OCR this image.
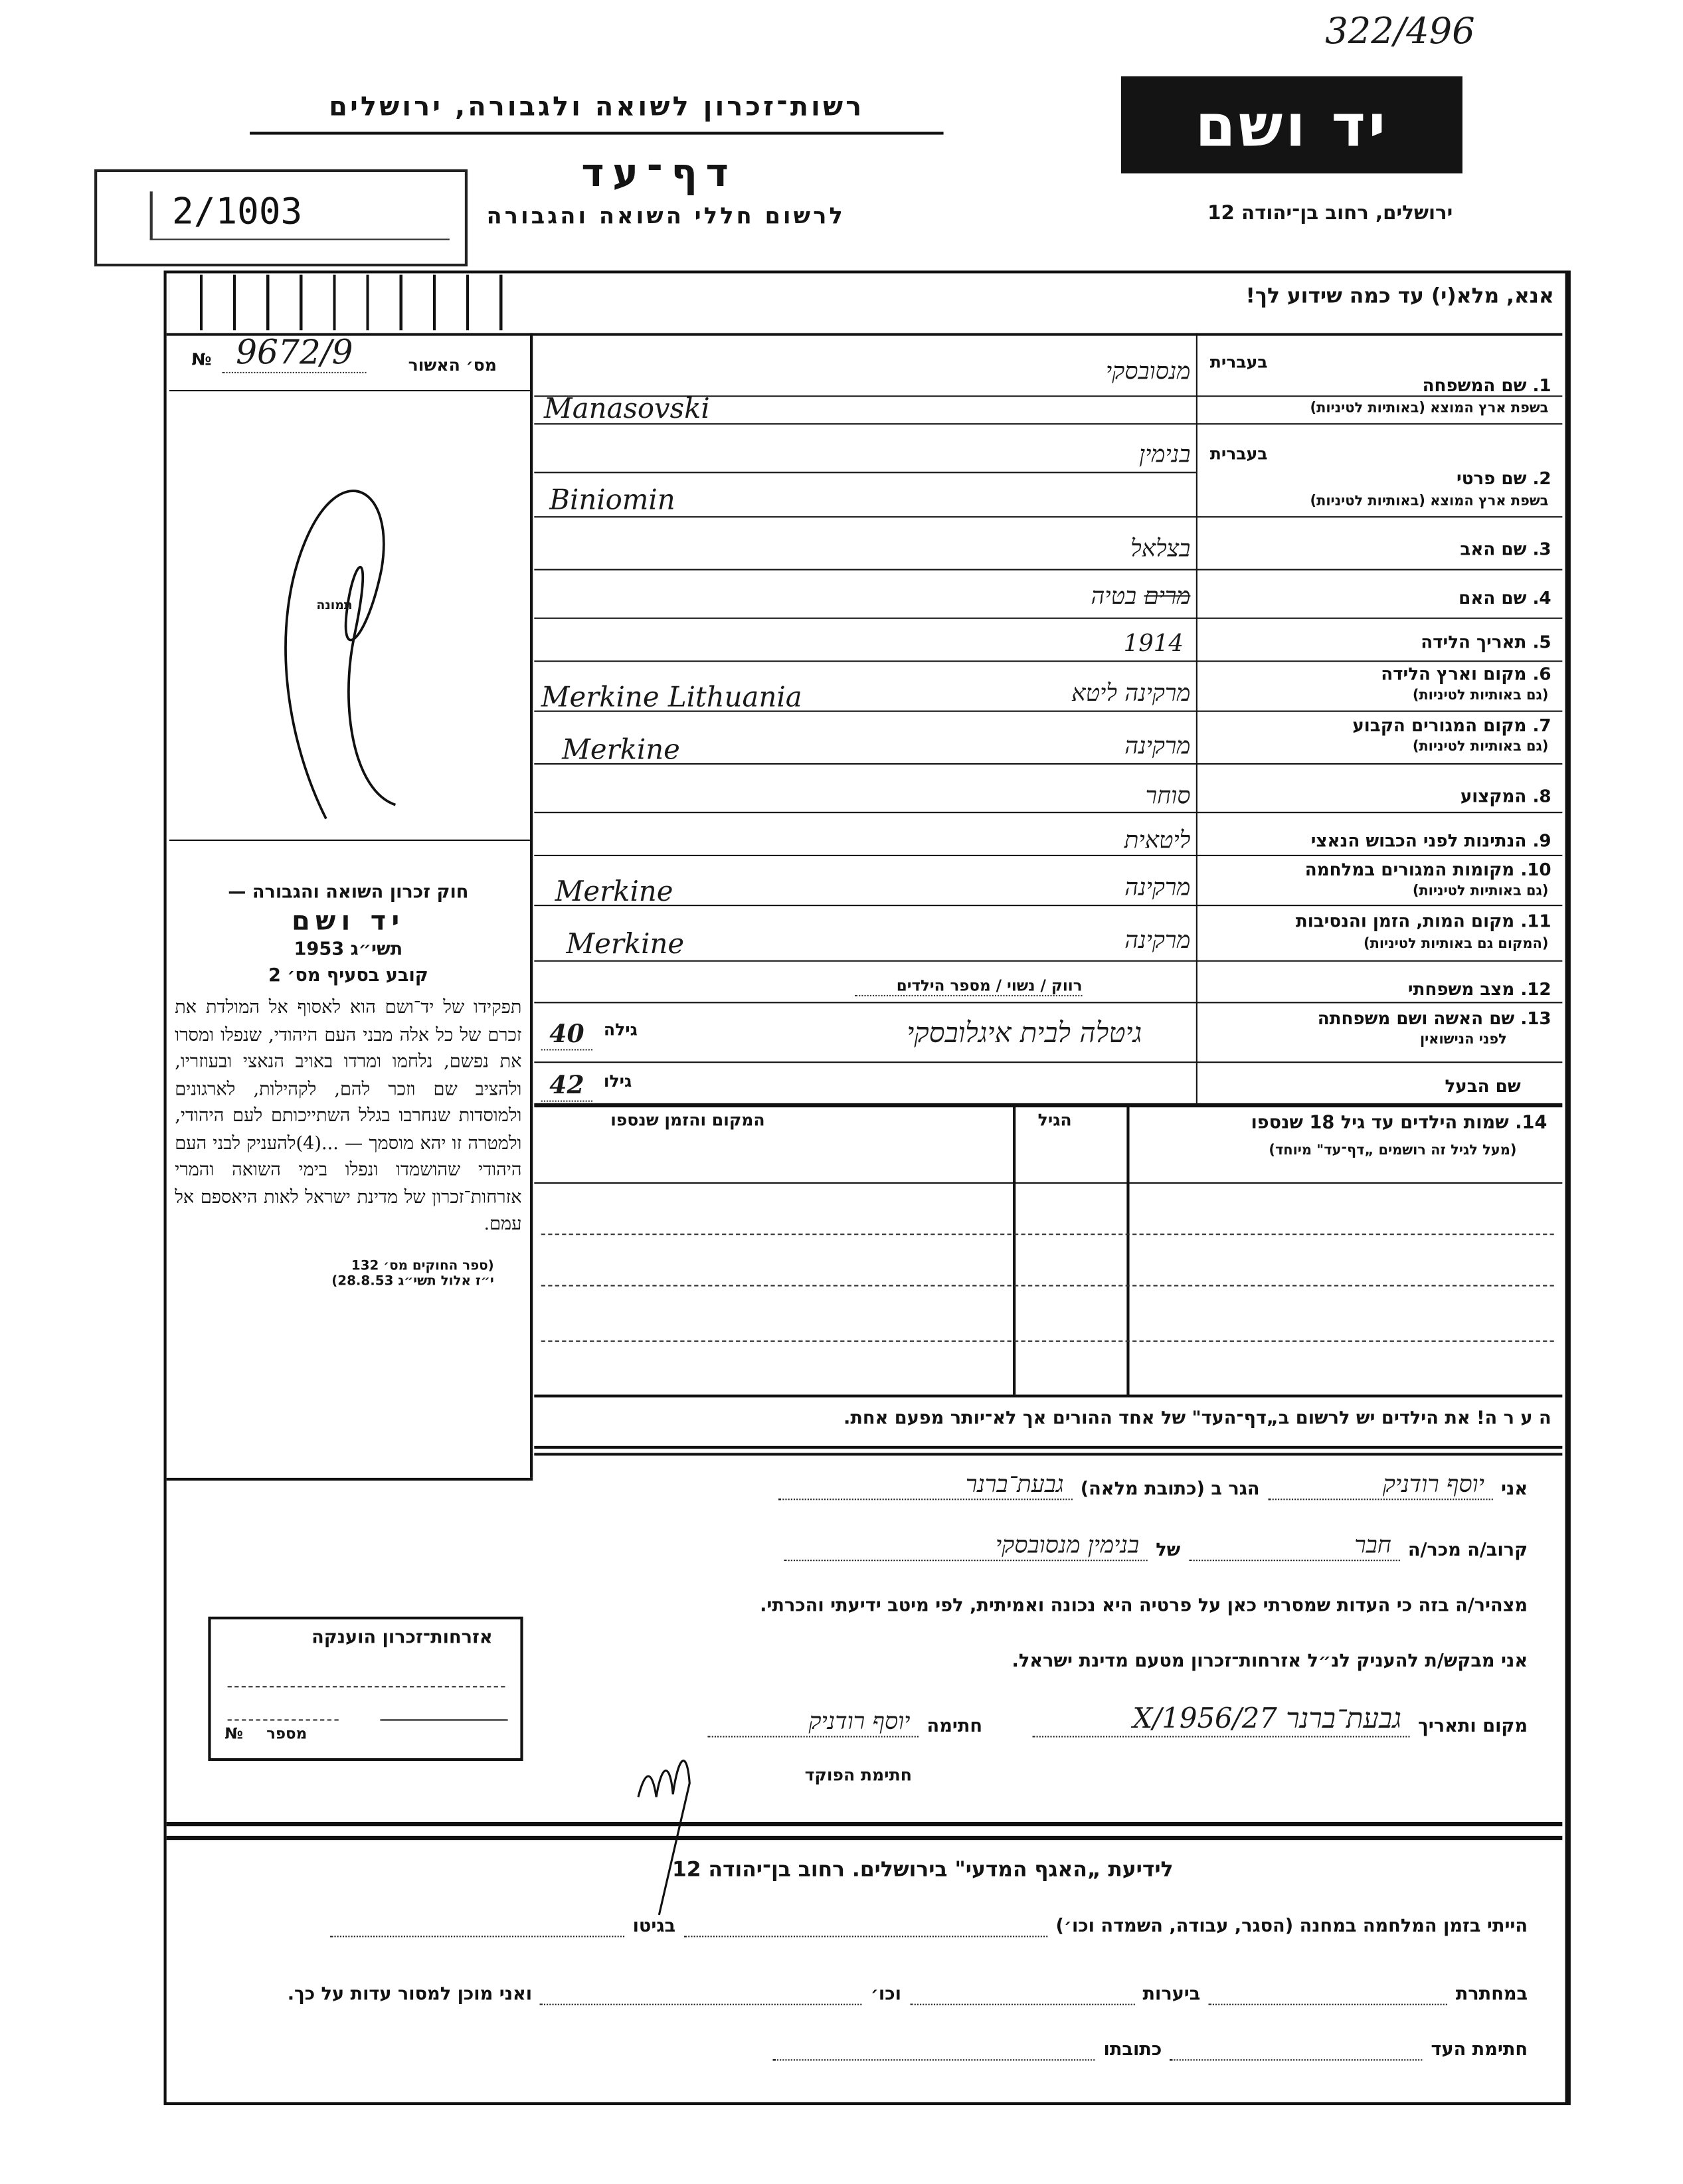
322/496
רשות־זכרון לשואה ולגבורה, ירושלים
דף־עד
לרשום חללי השואה והגבורה
2/1003
יד ושם
ירושלים, רחוב בן־יהודה 12
אנא, מלא(י) עד כמה שידוע לך!
בעברית
1. שם המשפחה
בשפת ארץ המוצא (באותיות לטיניות)
בעברית
2. שם פרטי
בשפת ארץ המוצא (באותיות לטיניות)
3. שם האב
4. שם האם
5. תאריך הלידה
6. מקום וארץ הלידה
(גם באותיות לטיניות)
7. מקום המגורים הקבוע
(גם באותיות לטיניות)
8. המקצוע
9. הנתינות לפני הכבוש הנאצי
10. מקומות המגורים במלחמה
(גם באותיות לטיניות)
11. מקום המות, הזמן והנסיבות
(המקום גם באותיות לטיניות)
12. מצב משפחתי
13. שם האשה ושם משפחתה
לפני הנישואין
שם הבעל
מנסובסקי
Manasovski
בנימין
Biniomin
בצלאל
מרים בטיה
1914
מרקינה ליטא
Merkine Lithuania
מרקינה
Merkine
סוחר
ליטאית
מרקינה
Merkine
מרקינה
Merkine
רווק / נשוי / מספר הילדים
גיטלה לבית איגלובסקי
גילה
40
גילו
42
14. שמות הילדים עד גיל 18 שנספו
(מעל לגיל זה רושמים „דף־עד" מיוחד)
הגיל
המקום והזמן שנספו
ה ע ר ה! את הילדים יש לרשום ב„דף־העד" של אחד ההורים אך לא־יותר מפעם אחת.
מס׳ האשור
№	9672/9
תמונה

חוק זכרון השואה והגבורה —

יד ושם

תשי״ג 1953

קובע בסעיף מס׳ 2

תפקידו של יד־ושם הוא לאסוף אל המולדת את זכרם של כל אלה מבני העם היהודי, שנפלו ומסרו את נפשם, נלחמו ומרדו באויב הנאצי ובעוזריו, ולהציב שם וזכר להם, לקהילות, לארגונים ולמוסדות שנחרבו בגלל השתייכותם לעם היהודי, ולמטרה זו יהא מוסמך — ...(4)להעניק לבני העם היהודי שהושמדו ונפלו בימי השואה והמרי אזרחות־זכרון של מדינת ישראל לאות היאספם אל עמם.

(ספר החוקים מס׳ 132

י״ז אלול תשי״ג 28.8.53)

אזרחות־זכרון הוענקה
מספר
№
אני
יוסף רודניק
הגר ב (כתובת מלאה)
גבעת־ברנר
קרוב/ה מכר/ה
חבר
של
בנימין מנסובסקי
מצהיר/ה בזה כי העדות שמסרתי כאן על פרטיה היא נכונה ואמיתית, לפי מיטב ידיעתי והכרתי.
אני מבקש/ת להעניק לנ״ל אזרחות־זכרון מטעם מדינת ישראל.
מקום ותאריך
גבעת־ברנר 27/X/1956
חתימה
יוסף רודניק
חתימת הפוקד
לידיעת „האגף המדעי" בירושלים. רחוב בן־יהודה 12
הייתי בזמן המלחמה במחנה (הסגר, עבודה, השמדה וכו׳)
בגיטו
במחתרת
ביערות
וכו׳
ואני מוכן למסור עדות על כך.
חתימת העד
כתובתו
